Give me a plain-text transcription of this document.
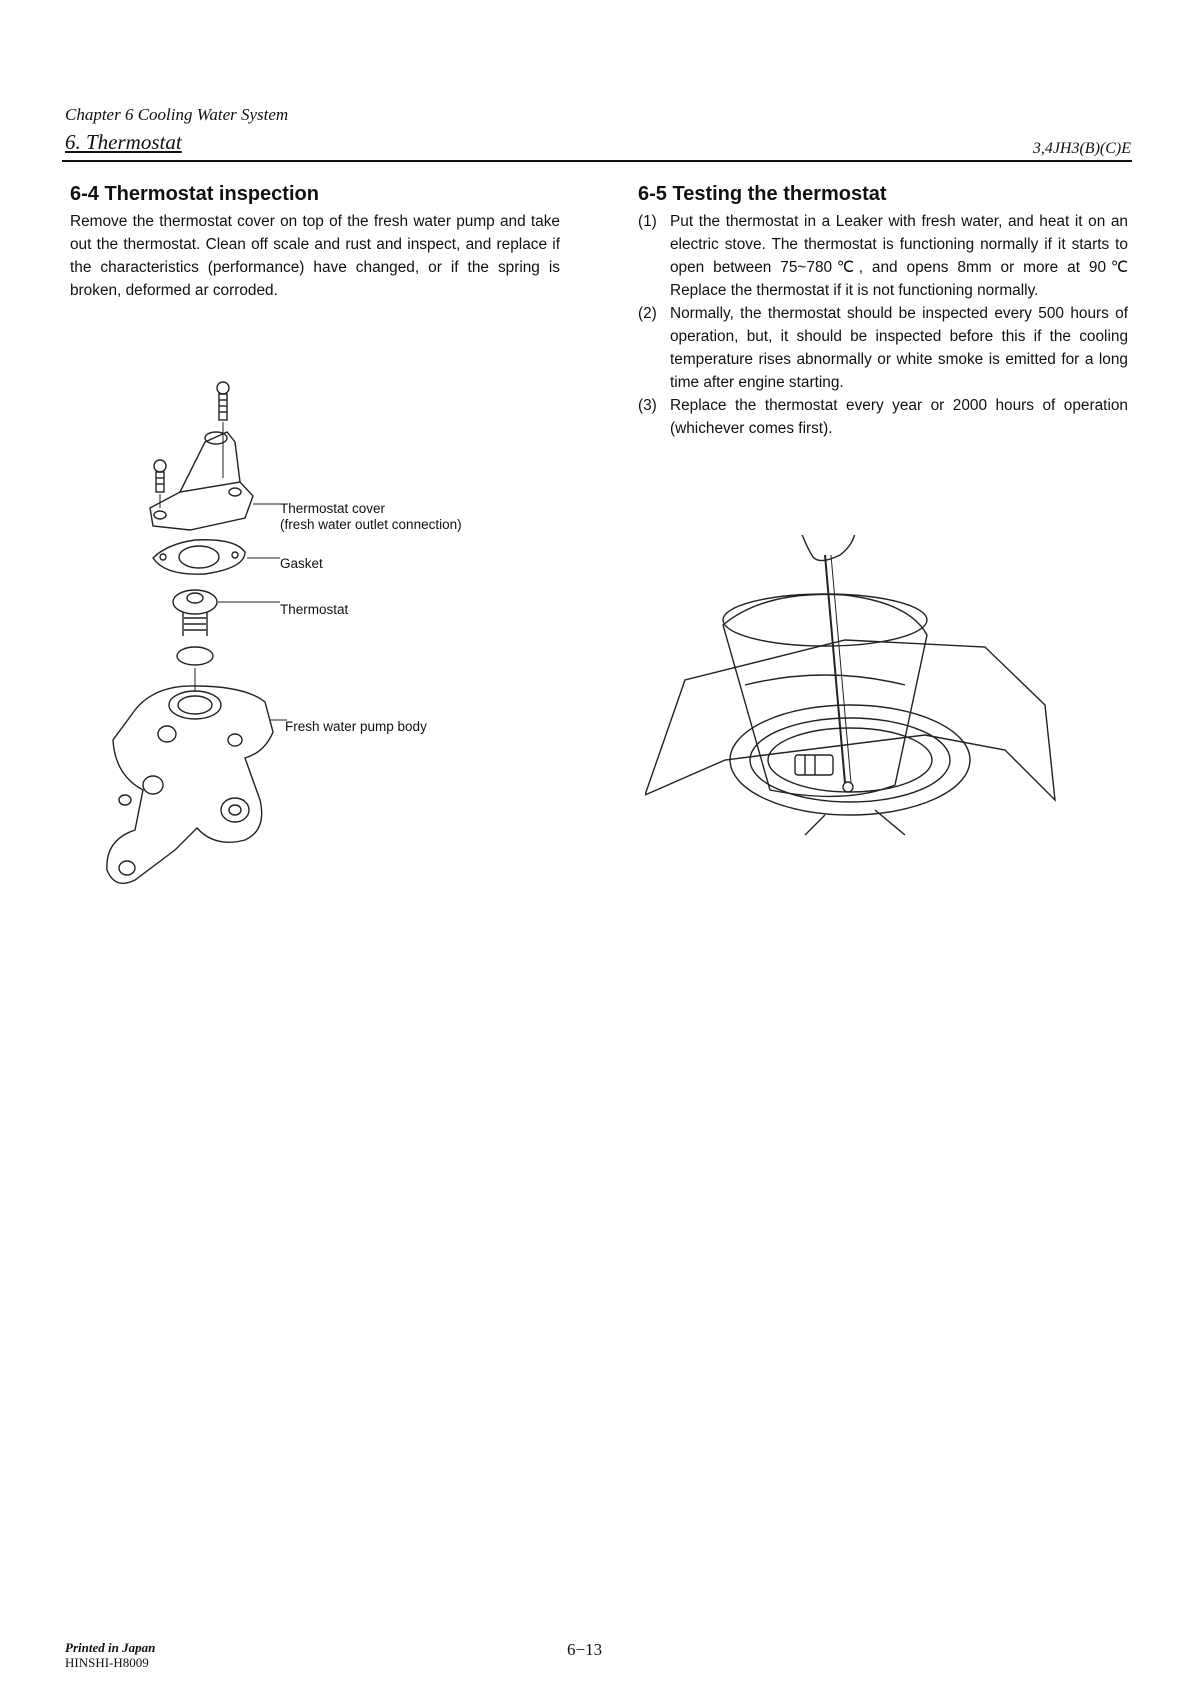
Chapter 6 Cooling Water System
6. Thermostat	3,4JH3(B)(C)E
6-4 Thermostat inspection

Remove the thermostat cover on top of the fresh water pump and take out the thermostat. Clean off scale and rust and inspect, and replace if the characteristics (performance) have changed, or if the spring is broken, deformed ar corroded.

6-5 Testing the thermostat
(1) Put the thermostat in a Leaker with fresh water, and heat it on an electric stove. The thermostat is functioning normally if it starts to open between 75~780℃, and opens 8mm or more at 90℃ Replace the thermostat if it is not functioning normally.
(2) Normally, the thermostat should be inspected every 500 hours of operation, but, it should be inspected before this if the cooling temperature rises abnormally or white smoke is emitted for a long time after engine starting.
(3) Replace the thermostat every year or 2000 hours of operation (whichever comes first).
Thermostat cover
(fresh water outlet connection)
Gasket
Thermostat
Fresh water pump body
Printed in Japan
HINSHI-H8009
6−13
